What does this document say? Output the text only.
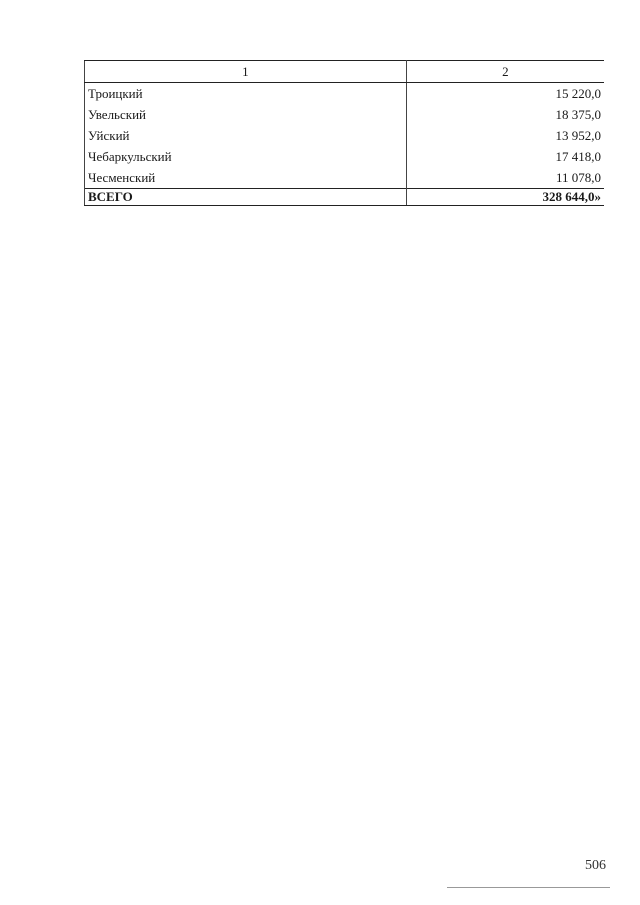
1	2
Троицкий	15 220,0
Увельский	18 375,0
Уйский	13 952,0
Чебаркульский	17 418,0
Чесменский	11 078,0
ВСЕГО	328 644,0»
506
